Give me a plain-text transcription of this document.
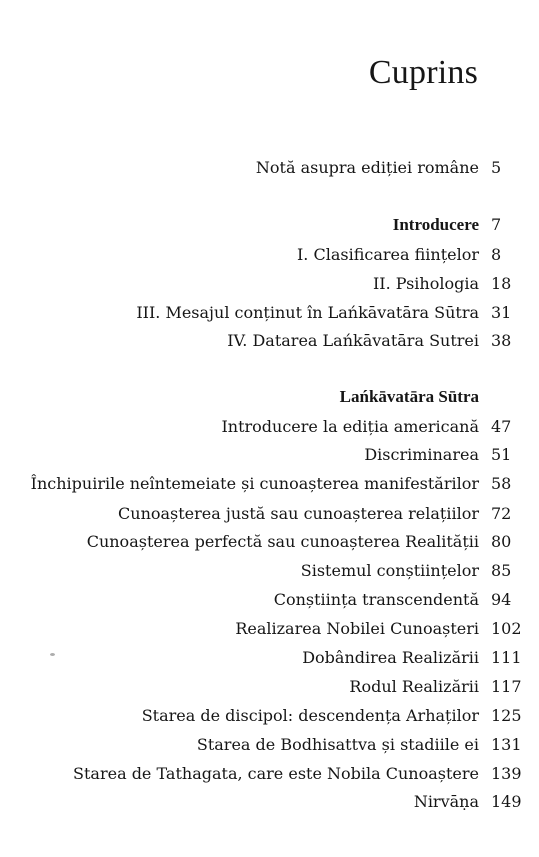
Cuprins
Notă asupra ediției române 5
Introducere 7
I. Clasificarea ființelor 8
II. Psihologia 18
III. Mesajul conținut în Lańkāvatāra Sūtra 31
IV. Datarea Lańkāvatāra Sutrei 38
Lańkāvatāra Sūtra
Introducere la ediția americană 47
Discriminarea 51
Închipuirile neîntemeiate și cunoașterea manifestărilor 58
Cunoașterea justă sau cunoașterea relațiilor 72
Cunoașterea perfectă sau cunoașterea Realității 80
Sistemul conștiințelor 85
Conștiința transcendentă 94
Realizarea Nobilei Cunoașteri 102
Dobândirea Realizării 111
Rodul Realizării 117
Starea de discipol: descendența Arhaților 125
Starea de Bodhisattva și stadiile ei 131
Starea de Tathagata, care este Nobila Cunoaștere 139
Nirvāṇa 149
